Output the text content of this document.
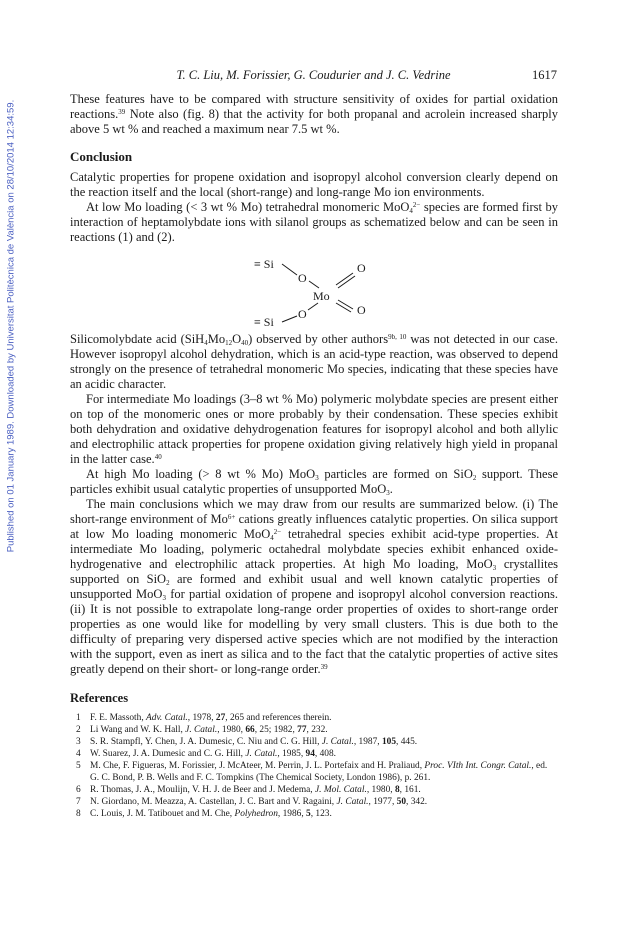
Published on 01 January 1989. Downloaded by Universitat Politècnica de València on 28/10/2014 12:34:59.
T. C. Liu, M. Forissier, G. Coudurier and J. C. Vedrine	1617

These features have to be compared with structure sensitivity of oxides for partial oxidation reactions.$^{39}$ Note also (fig. 8) that the activity for both propanal and acrolein increased sharply above 5 wt % and reached a maximum near 7.5 wt %.

Conclusion

Catalytic properties for propene oxidation and isopropyl alcohol conversion clearly depend on the reaction itself and the local (short-range) and long-range Mo ion environments.

At low Mo loading (< 3 wt % Mo) tetrahedral monomeric MoO$_4^{2-}$ species are formed first by interaction of heptamolybdate ions with silanol groups as schematized below and can be seen in reactions (1) and (2).

≡ Si
O
Mo
O
O
O
≡ Si

Silicomolybdate acid $(SiH_4Mo_{12}O_{40})$ observed by other authors$^{9b, 10}$ was not detected in our case. However isopropyl alcohol dehydration, which is an acid-type reaction, was observed to depend strongly on the presence of tetrahedral monomeric Mo species, indicating that these species have an acidic character.

For intermediate Mo loadings (3–8 wt % Mo) polymeric molybdate species are present either on top of the monomeric ones or more probably by their condensation. These species exhibit both dehydration and oxidative dehydrogenation features for isopropyl alcohol and both allylic and electrophilic attack properties for propene oxidation giving relatively high yield in propanal in the latter case.$^{40}$

At high Mo loading (> 8 wt % Mo) MoO$_3$ particles are formed on SiO$_2$ support. These particles exhibit usual catalytic properties of unsupported MoO$_3$.

The main conclusions which we may draw from our results are summarized below. (i) The short-range environment of $Mo^{6+}$ cations greatly influences catalytic properties. On silica support at low Mo loading monomeric MoO$_4^{2-}$ tetrahedral species exhibit acid-type properties. At intermediate Mo loading, polymeric octahedral molybdate species exhibit enhanced oxide-hydrogenative and electrophilic attack properties. At high Mo loading, MoO$_3$ crystallites supported on SiO$_2$ are formed and exhibit usual and well known catalytic properties of unsupported MoO$_3$ for partial oxidation of propene and isopropyl alcohol conversion reactions. (ii) It is not possible to extrapolate long-range order properties of oxides to short-range order properties as one would like for modelling by very small clusters. This is due both to the difficulty of preparing very dispersed active species which are not modified by the interaction with the support, even as inert as silica and to the fact that the catalytic properties of active sites greatly depend on their short- or long-range order.$^{39}$

References

1 F. E. Massoth, Adv. Catal., 1978, 27, 265 and references therein.
2 Li Wang and W. K. Hall, J. Catal., 1980, 66, 25; 1982, 77, 232.
3 S. R. Stampfl, Y. Chen, J. A. Dumesic, C. Niu and C. G. Hill, J. Catal., 1987, 105, 445.
4 W. Suarez, J. A. Dumesic and C. G. Hill, J. Catal., 1985, 94, 408.
5 M. Che, F. Figueras, M. Forissier, J. McAteer, M. Perrin, J. L. Portefaix and H. Praliaud, Proc. VIth Int. Congr. Catal., ed. G. C. Bond, P. B. Wells and F. C. Tompkins (The Chemical Society, London 1986), p. 261.
6 R. Thomas, J. A., Moulijn, V. H. J. de Beer and J. Medema, J. Mol. Catal., 1980, 8, 161.
7 N. Giordano, M. Meazza, A. Castellan, J. C. Bart and V. Ragaini, J. Catal., 1977, 50, 342.
8 C. Louis, J. M. Tatibouet and M. Che, Polyhedron, 1986, 5, 123.
